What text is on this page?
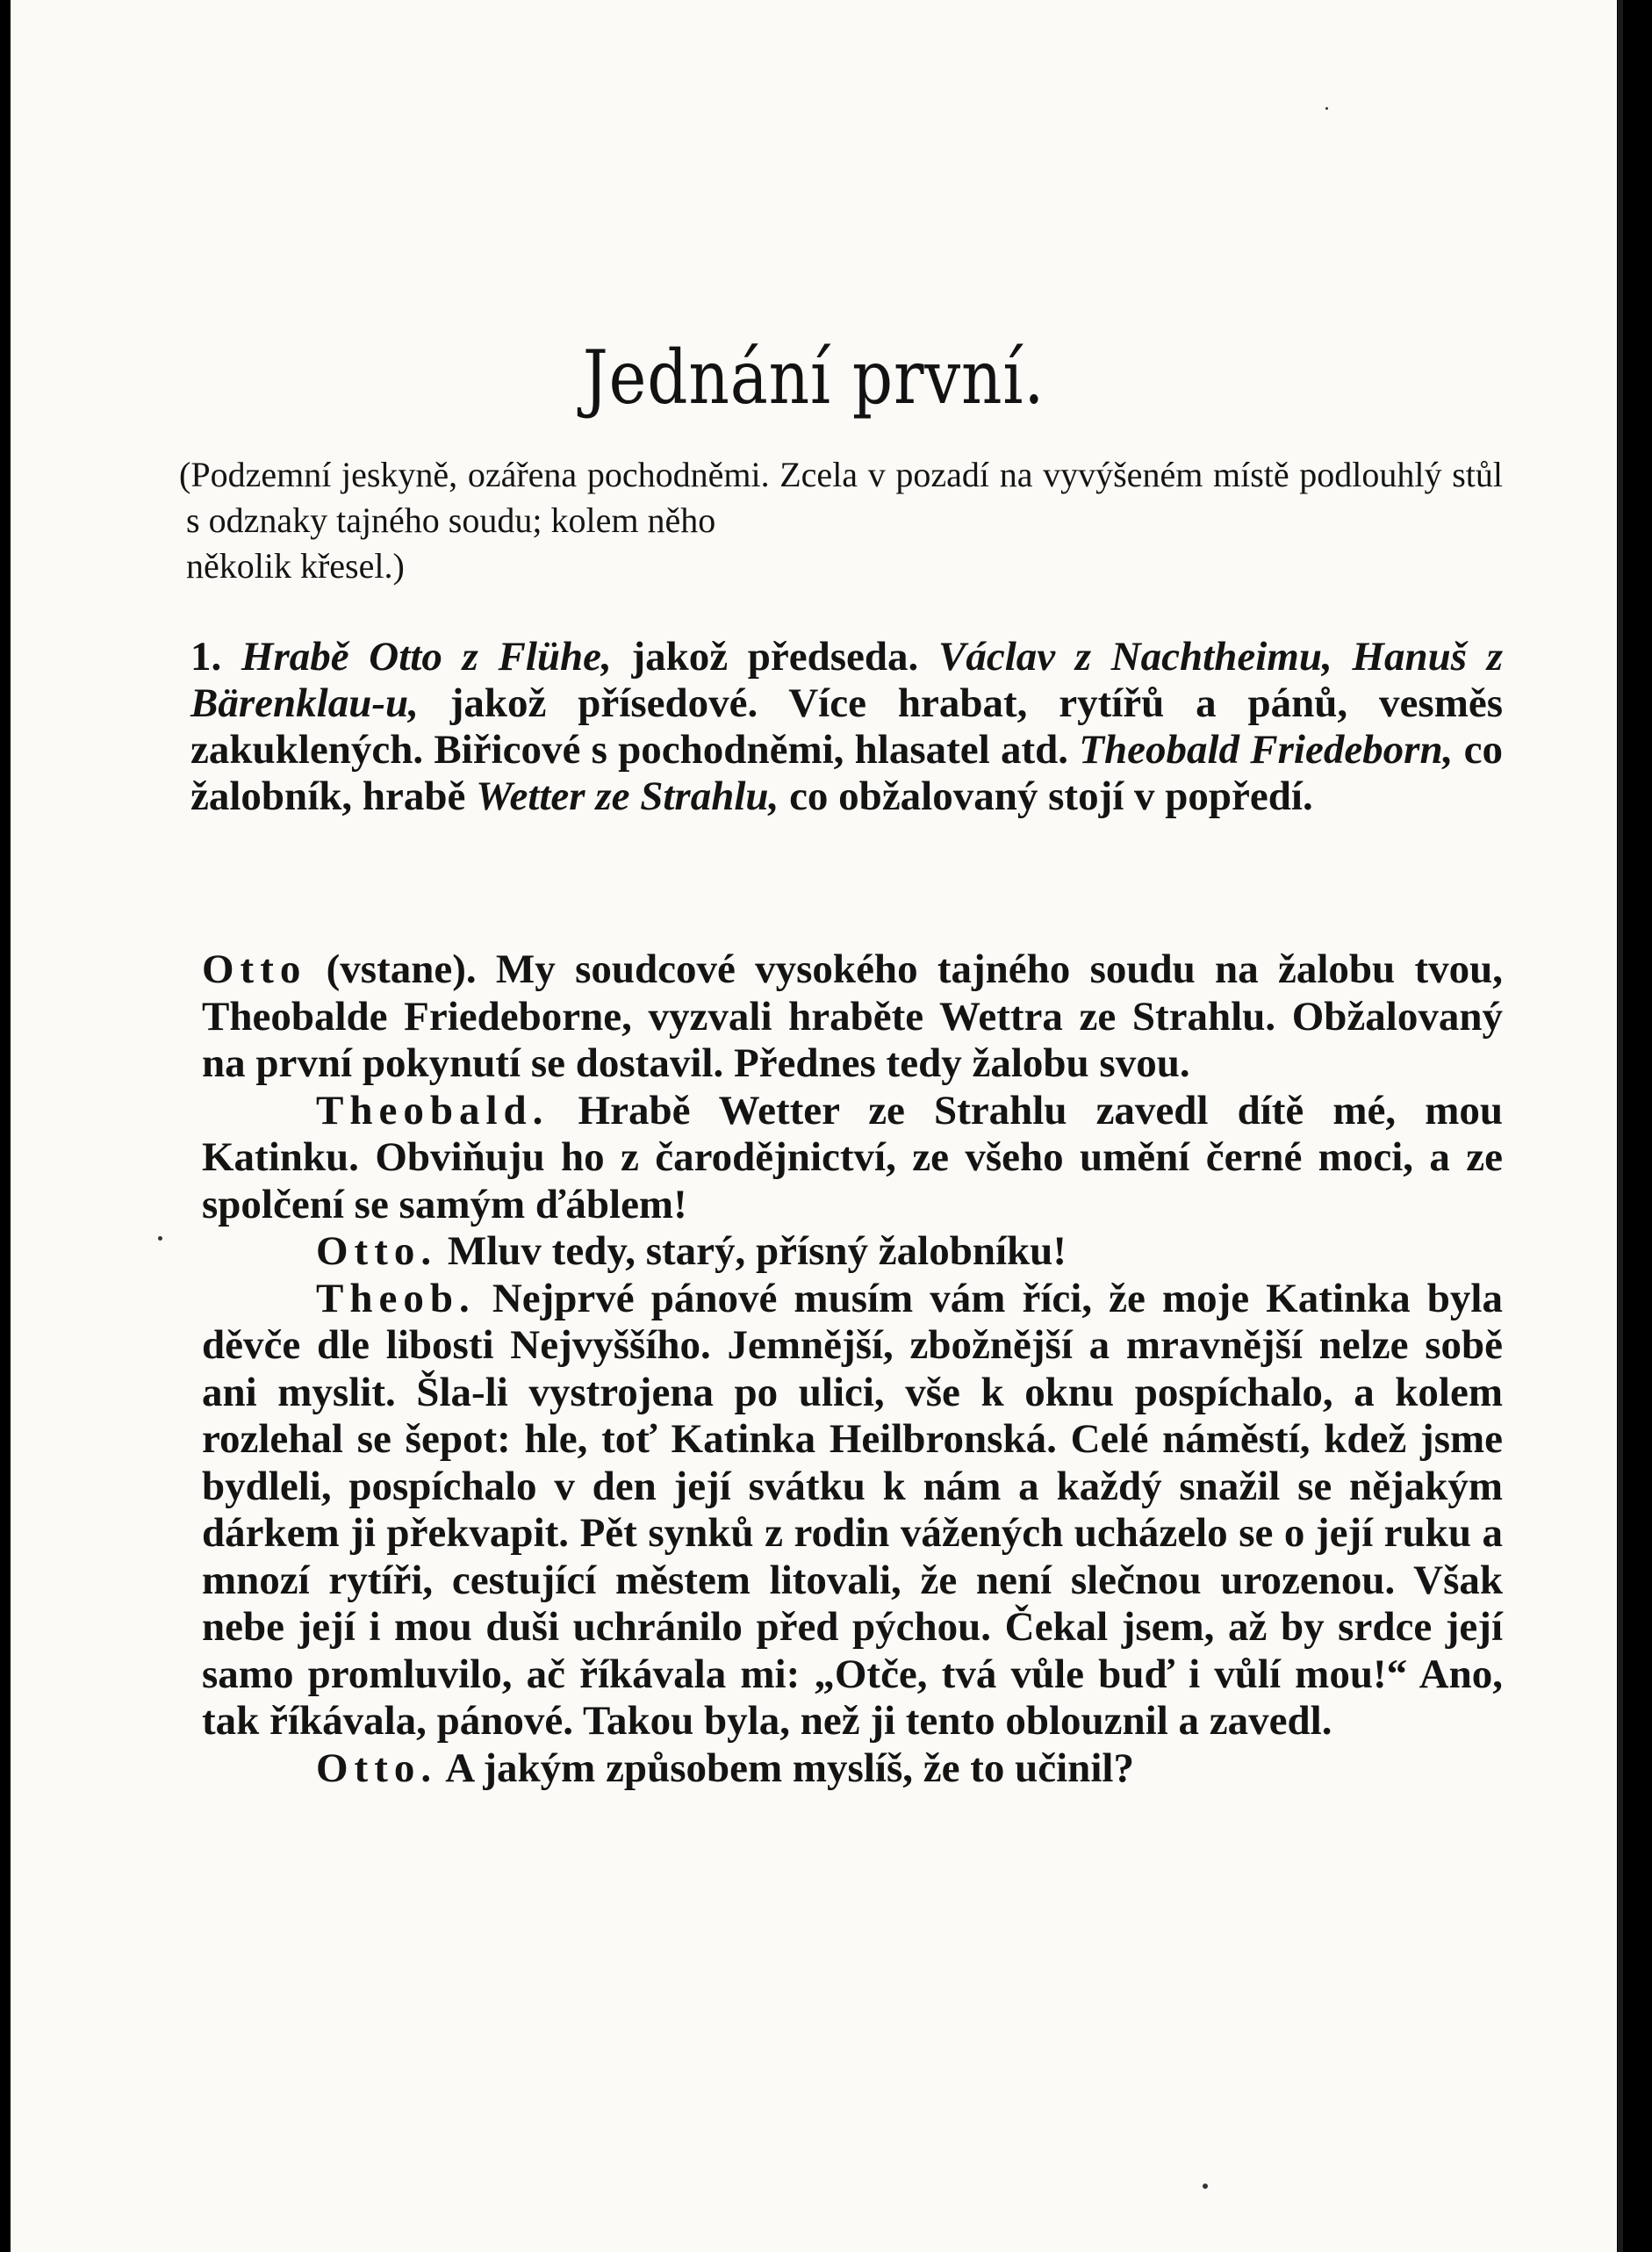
Jednání první.

(Podzemní jeskyně, ozářena pochodněmi. Zcela v pozadí na vyvýšeném místě podlouhlý stůl s odznaky tajného soudu; kolem něho
několik křesel.)

1. Hrabě Otto z Flühe, jakož předseda. Václav z Nachtheimu, Hanuš z Bärenklau-u, jakož přísedové. Více hrabat, rytířů a pánů, vesměs zakuklených. Biřicové s pochodněmi, hlasatel atd. Theobald Friedeborn, co žalobník, hrabě Wetter ze Strahlu, co obžalovaný stojí v popředí.

Otto (vstane). My soudcové vysokého tajného soudu na žalobu tvou, Theobalde Friedeborne, vyzvali hraběte Wettra ze Strahlu. Obžalovaný na první pokynutí se dostavil. Přednes tedy žalobu svou.

Theobald. Hrabě Wetter ze Strahlu zavedl dítě mé, mou Katinku. Obviňuju ho z čarodějnictví, ze všeho umění černé moci, a ze spolčení se samým ďáblem!

Otto. Mluv tedy, starý, přísný žalobníku!

Theob. Nejprvé pánové musím vám říci, že moje Katinka byla děvče dle libosti Nejvyššího. Jemnější, zbožnější a mravnější nelze sobě ani myslit. Šla-li vystrojena po ulici, vše k oknu pospíchalo, a kolem rozlehal se šepot: hle, toť Katinka Heilbronská. Celé náměstí, kdež jsme bydleli, pospíchalo v den její svátku k nám a každý snažil se nějakým dárkem ji překvapit. Pět synků z rodin vážených ucházelo se o její ruku a mnozí rytíři, cestující městem litovali, že není slečnou urozenou. Však nebe její i mou duši uchránilo před pýchou. Čekal jsem, až by srdce její samo promluvilo, ač říkávala mi: „Otče, tvá vůle buď i vůlí mou!“ Ano, tak říkávala, pánové. Takou byla, než ji tento oblouznil a zavedl.

Otto. A jakým způsobem myslíš, že to učinil?
